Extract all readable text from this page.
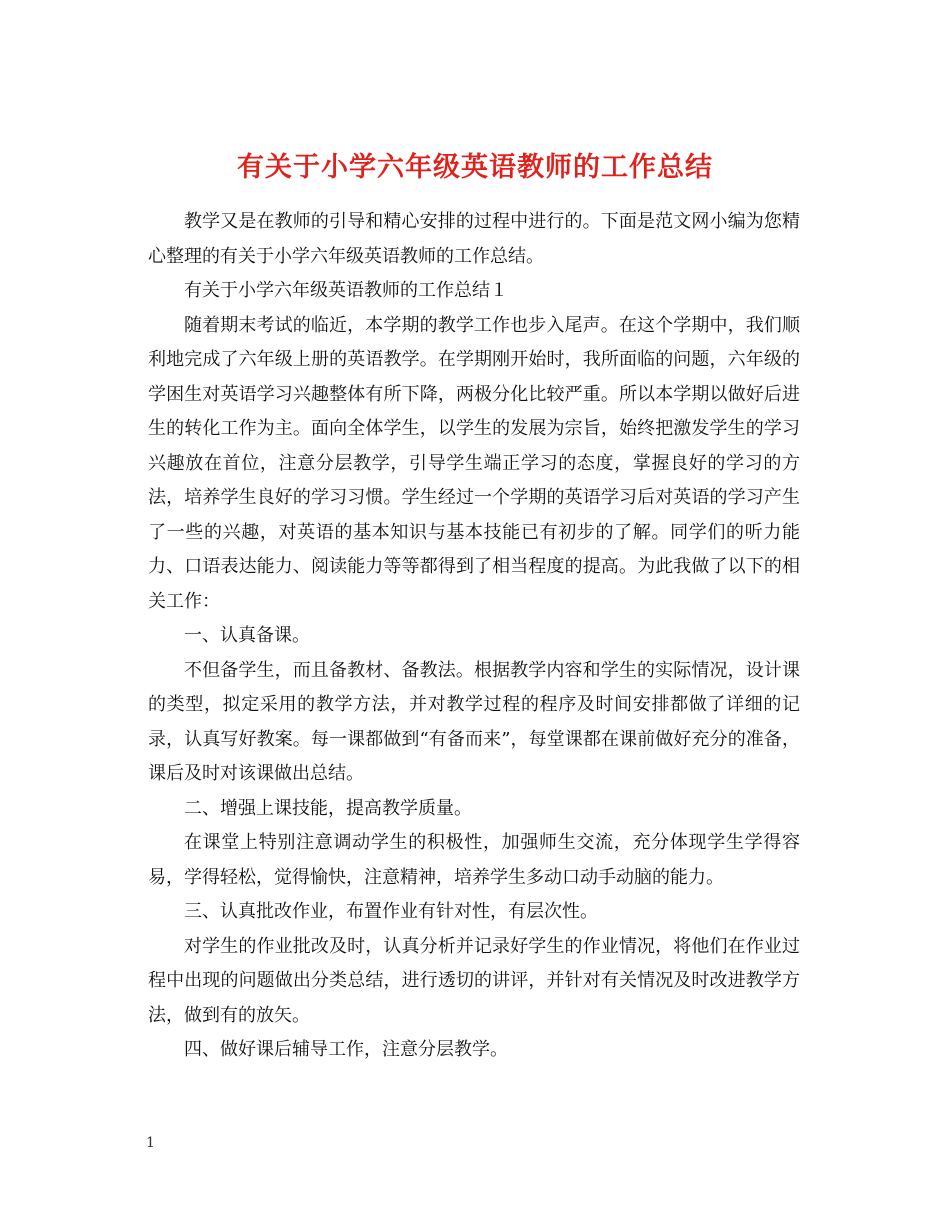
有关于小学六年级英语教师的工作总结

教学又是在教师的引导和精心安排的过程中进行的。下面是范文网小编为您精心整理的有关于小学六年级英语教师的工作总结。

有关于小学六年级英语教师的工作总结１

随着期末考试的临近，本学期的教学工作也步入尾声。在这个学期中，我们顺利地完成了六年级上册的英语教学。在学期刚开始时，我所面临的问题，六年级的学困生对英语学习兴趣整体有所下降，两极分化比较严重。所以本学期以做好后进生的转化工作为主。面向全体学生，以学生的发展为宗旨，始终把激发学生的学习兴趣放在首位，注意分层教学，引导学生端正学习的态度，掌握良好的学习的方法，培养学生良好的学习习惯。学生经过一个学期的英语学习后对英语的学习产生了一些的兴趣，对英语的基本知识与基本技能已有初步的了解。同学们的听力能力、口语表达能力、阅读能力等等都得到了相当程度的提高。为此我做了以下的相关工作：

一、认真备课。

不但备学生，而且备教材、备教法。根据教学内容和学生的实际情况，设计课的类型，拟定采用的教学方法，并对教学过程的程序及时间安排都做了详细的记录，认真写好教案。每一课都做到“有备而来”，每堂课都在课前做好充分的准备，课后及时对该课做出总结。

二、增强上课技能，提高教学质量。

在课堂上特别注意调动学生的积极性，加强师生交流，充分体现学生学得容易，学得轻松，觉得愉快，注意精神，培养学生多动口动手动脑的能力。

三、认真批改作业，布置作业有针对性，有层次性。

对学生的作业批改及时，认真分析并记录好学生的作业情况，将他们在作业过程中出现的问题做出分类总结，进行透切的讲评，并针对有关情况及时改进教学方法，做到有的放矢。

四、做好课后辅导工作，注意分层教学。

1
